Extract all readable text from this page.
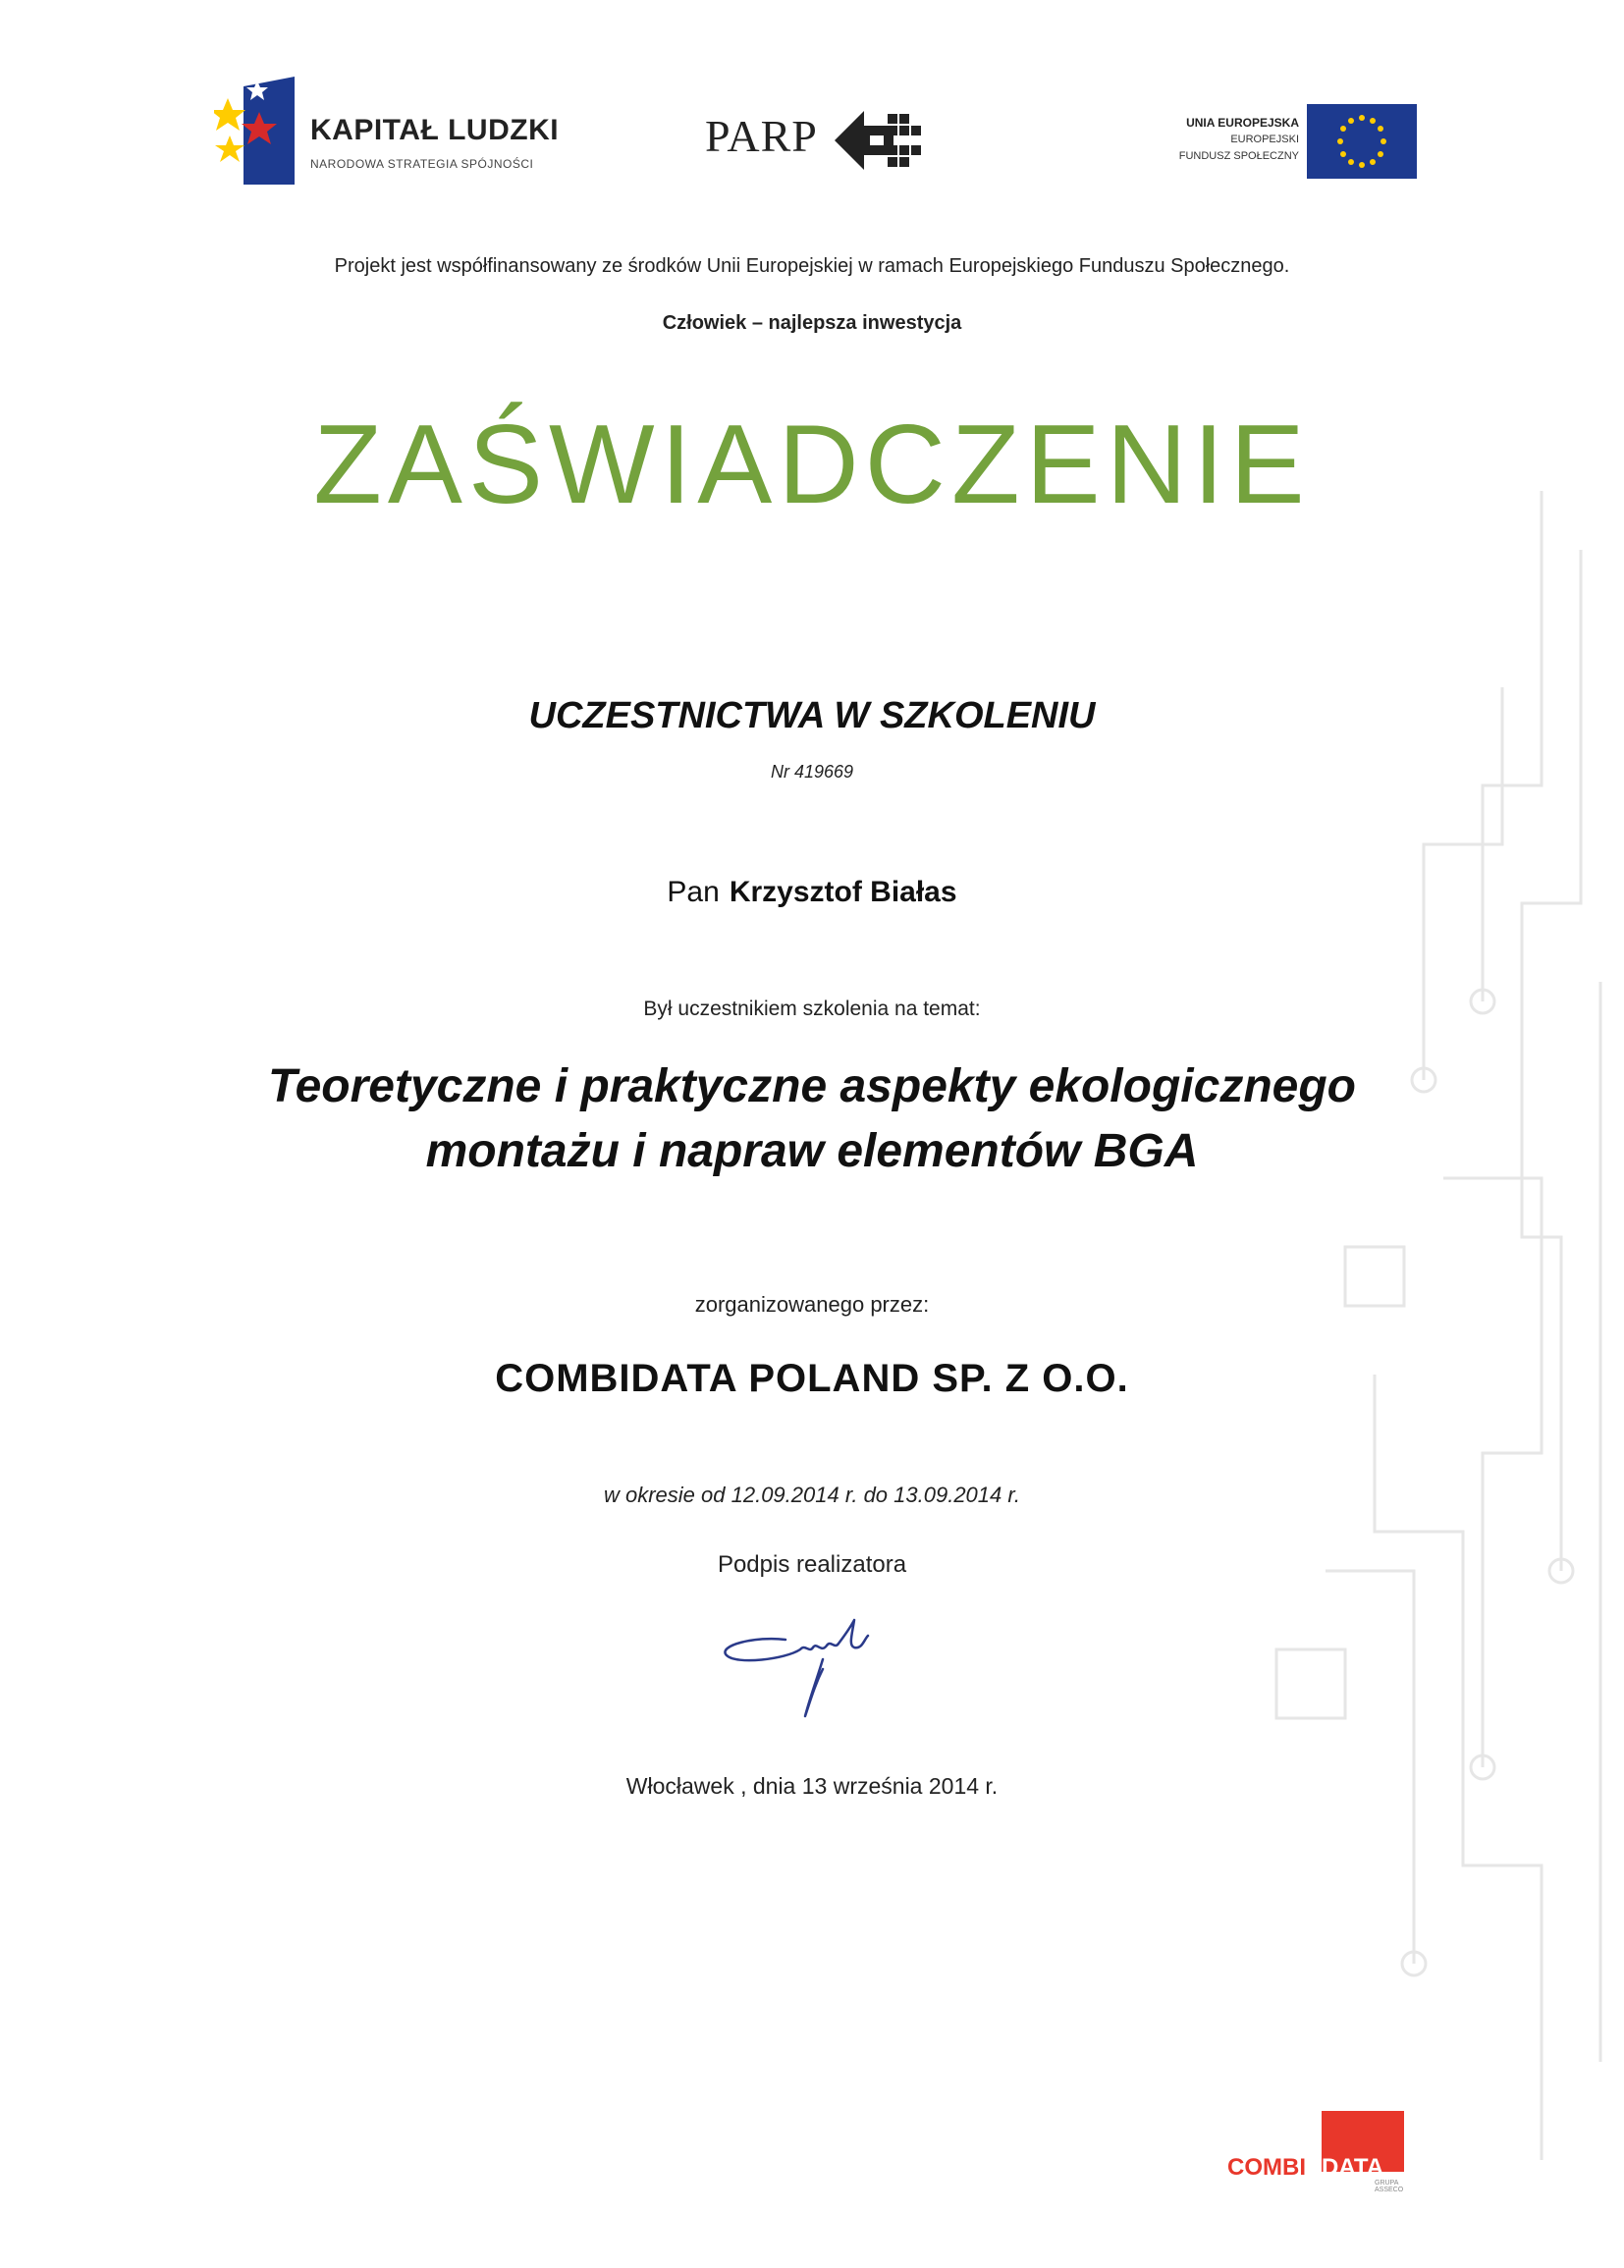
KAPITAŁ LUDZKI
NARODOWA STRATEGIA SPÓJNOŚCI
PARP	UNIA EUROPEJSKA
EUROPEJSKI
FUNDUSZ SPOŁECZNY
Projekt jest współfinansowany ze środków Unii Europejskiej w ramach Europejskiego Funduszu Społecznego.
Człowiek – najlepsza inwestycja
ZAŚWIADCZENIE
UCZESTNICTWA W SZKOLENIU
Nr 419669
Pan Krzysztof Białas
Był uczestnikiem szkolenia na temat:
Teoretyczne i praktyczne aspekty ekologicznego
montażu i napraw elementów BGA
zorganizowanego przez:
COMBIDATA POLAND SP. Z O.O.
w okresie od 12.09.2014 r. do 13.09.2014 r.
Podpis realizatora
Włocławek , dnia 13 września 2014 r.
COMBI DATA
GRUPA ASSECO
